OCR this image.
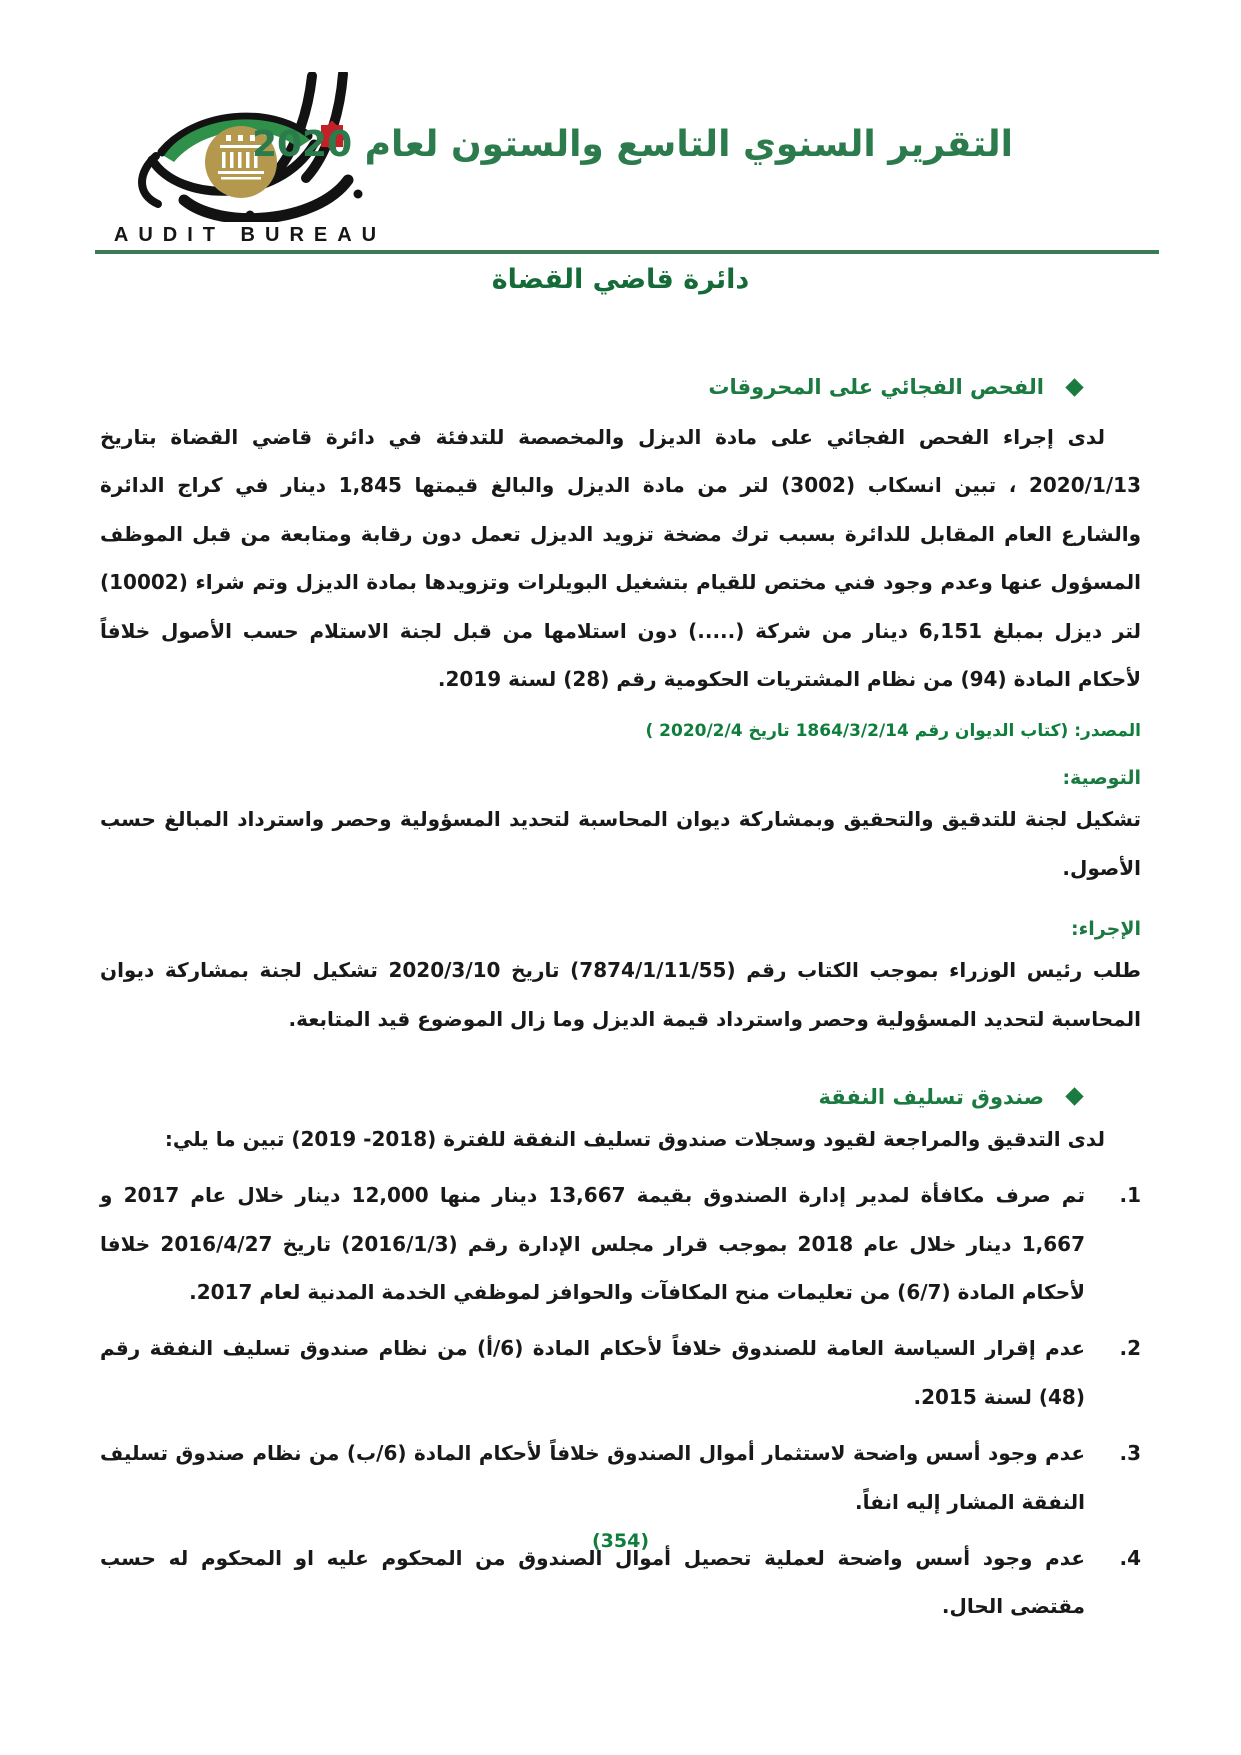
AUDIT BUREAU
التقرير السنوي التاسع والستون لعام 2020
دائرة قاضي القضاة
الفحص الفجائي على المحروقات

لدى إجراء الفحص الفجائي على مادة الديزل والمخصصة للتدفئة في دائرة قاضي القضاة بتاريخ 2020/1/13 ، تبين انسكاب (3002) لتر من مادة الديزل والبالغ قيمتها 1,845 دينار في كراج الدائرة والشارع العام المقابل للدائرة بسبب ترك مضخة تزويد الديزل تعمل دون رقابة ومتابعة من قبل الموظف المسؤول عنها وعدم وجود فني مختص للقيام بتشغيل البويلرات وتزويدها بمادة الديزل وتم شراء (10002) لتر ديزل بمبلغ 6,151 دينار من شركة (.....) دون استلامها من قبل لجنة الاستلام حسب الأصول خلافاً لأحكام المادة (94) من نظام المشتريات الحكومية رقم (28) لسنة 2019.

المصدر: (كتاب الديوان رقم 1864/3/2/14 تاريخ 2020/2/4 )

التوصية:

تشكيل لجنة للتدقيق والتحقيق وبمشاركة ديوان المحاسبة لتحديد المسؤولية وحصر واسترداد المبالغ حسب الأصول.

الإجراء:

طلب رئيس الوزراء بموجب الكتاب رقم (7874/1/11/55) تاريخ 2020/3/10 تشكيل لجنة بمشاركة ديوان المحاسبة لتحديد المسؤولية وحصر واسترداد قيمة الديزل وما زال الموضوع قيد المتابعة.

صندوق تسليف النفقة

لدى التدقيق والمراجعة لقيود وسجلات صندوق تسليف النفقة للفترة (2018- 2019) تبين ما يلي:

1.
تم صرف مكافأة لمدير إدارة الصندوق بقيمة 13,667 دينار منها 12,000 دينار خلال عام 2017 و 1,667 دينار خلال عام 2018 بموجب قرار مجلس الإدارة رقم (2016/1/3) تاريخ 2016/4/27 خلافا لأحكام المادة (6/7) من تعليمات منح المكافآت والحوافز لموظفي الخدمة المدنية لعام 2017.
2.
عدم إقرار السياسة العامة للصندوق خلافاً لأحكام المادة (6/أ) من نظام صندوق تسليف النفقة رقم (48) لسنة 2015.
3.
عدم وجود أسس واضحة لاستثمار أموال الصندوق خلافاً لأحكام المادة (6/ب) من نظام صندوق تسليف النفقة المشار إليه انفاً.
4.
عدم وجود أسس واضحة لعملية تحصيل أموال الصندوق من المحكوم عليه او المحكوم له حسب مقتضى الحال.
(354)
